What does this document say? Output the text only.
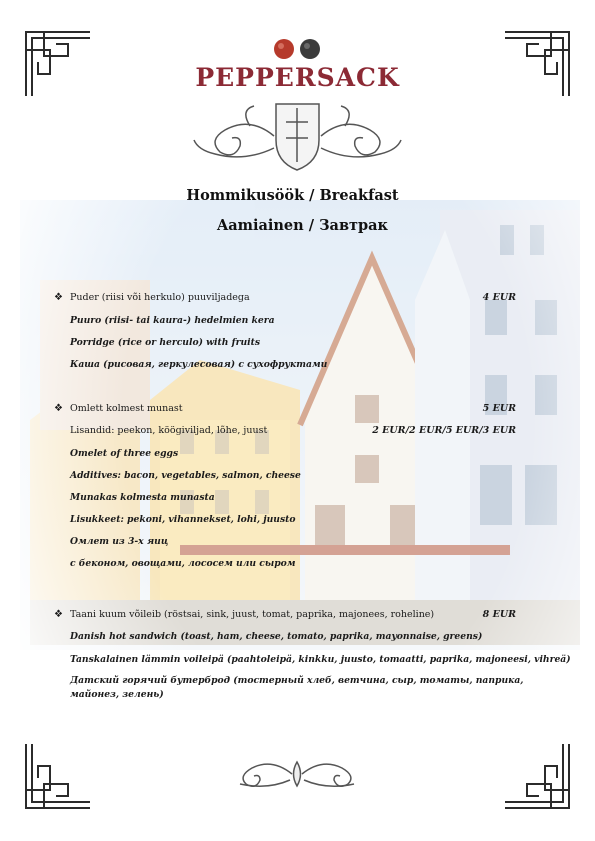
PEPPERSACK
Hommikusöök / Breakfast
Aamiainen / Завтрак
❖ Puder (riisi või herkulo) puuviljadega	4 EUR
Puuro (riisi- tai kaura-) hedelmien kera
Porridge (rice or herculo) with fruits
Каша (рисовая, геркулесовая) с сухофруктами
❖ Omlett kolmest munast	5 EUR
Lisandid: peekon, köögiviljad, lõhe, juust	2 EUR/2 EUR/5 EUR/3 EUR
Omelet of three eggs
Additives: bacon, vegetables, salmon, cheese
Munakas kolmesta munasta
Lisukkeet: pekoni, vihannekset, lohi, juusto
Омлет из 3-х яиц
с беконом, овощами, лососем или сыром
❖ Taani kuum võileib (röstsai, sink, juust, tomat, paprika, majonees, roheline)	8 EUR
Danish hot sandwich (toast, ham, cheese, tomato, paprika, mayonnaise, greens)
Tanskalainen lämmin voileipä (paahtoleipä, kinkku, juusto, tomaatti, paprika, majoneesi, vihreä)
Датский горячий бутерброд (тостерный хлеб, ветчина, сыр, томаты, паприка, майонез, зелень)
